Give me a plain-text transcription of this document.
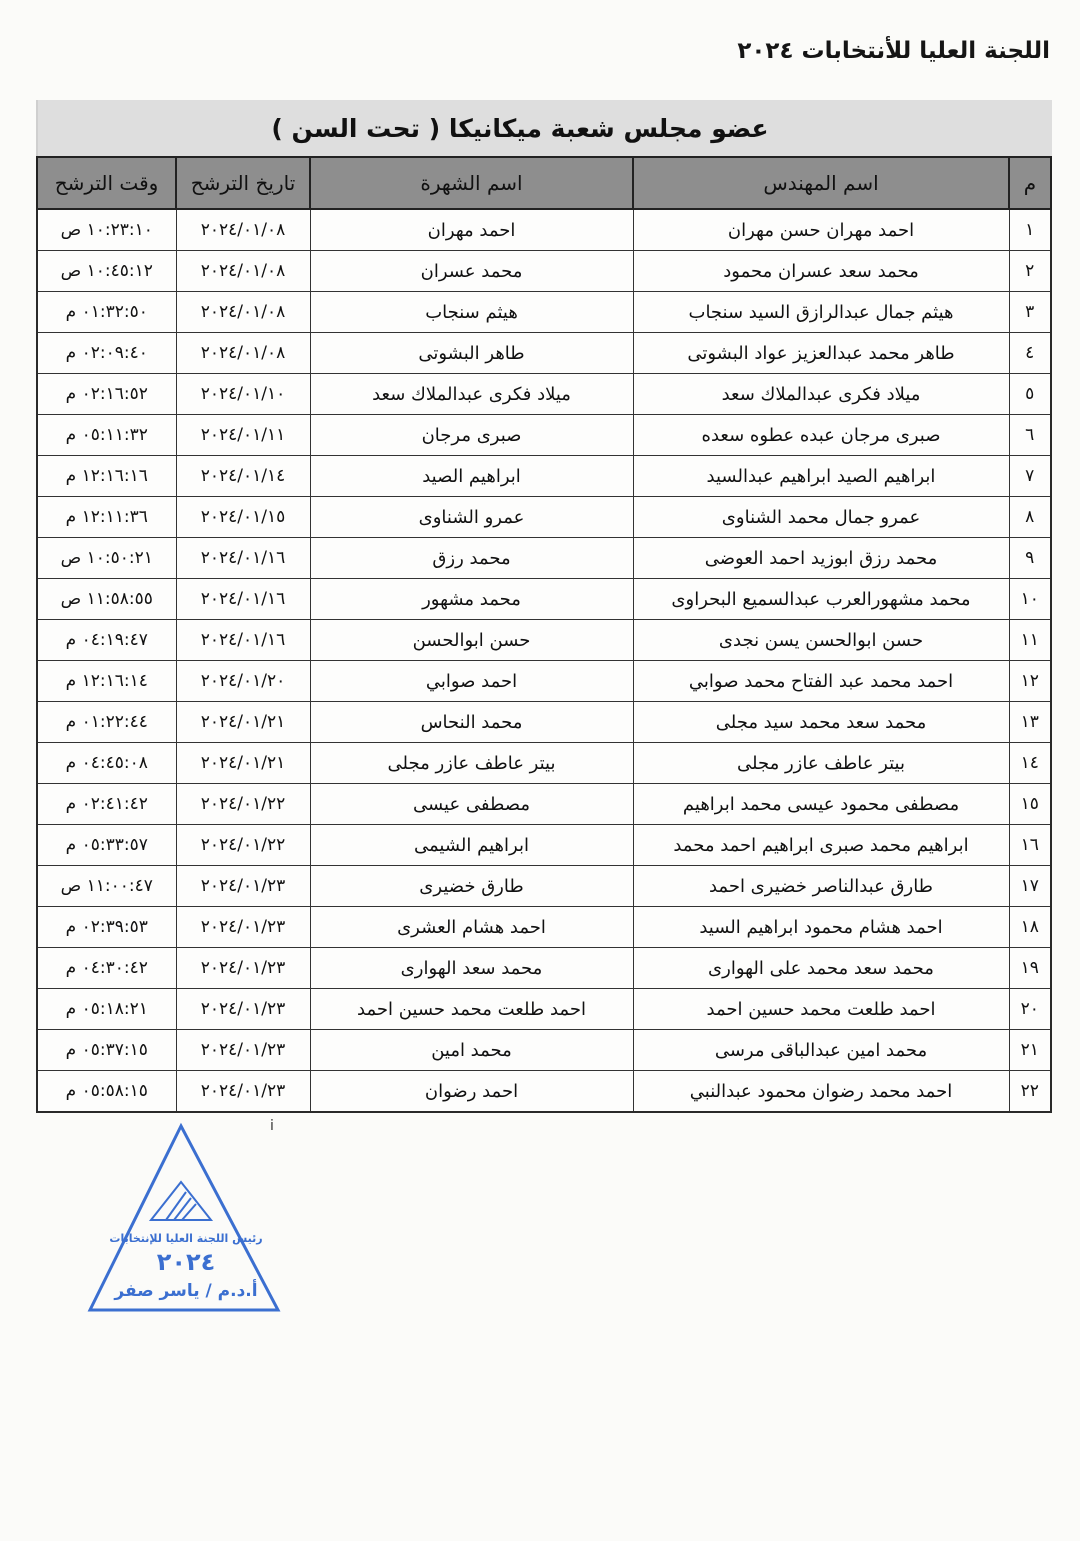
اللجنة العليا للأنتخابات ٢٠٢٤
عضو مجلس شعبة ميكانيكا ( تحت السن )
م	اسم المهندس	اسم الشهرة	تاريخ الترشح	وقت الترشح
١	احمد مهران حسن مهران	احمد مهران	٢٠٢٤/٠١/٠٨	١٠:٢٣:١٠ ص
٢	محمد سعد عسران محمود	محمد عسران	٢٠٢٤/٠١/٠٨	١٠:٤٥:١٢ ص
٣	هيثم جمال عبدالرازق السيد سنجاب	هيثم سنجاب	٢٠٢٤/٠١/٠٨	٠١:٣٢:٥٠ م
٤	طاهر محمد عبدالعزيز عواد البشوتى	طاهر البشوتى	٢٠٢٤/٠١/٠٨	٠٢:٠٩:٤٠ م
٥	ميلاد فكرى عبدالملاك سعد	ميلاد فكرى عبدالملاك سعد	٢٠٢٤/٠١/١٠	٠٢:١٦:٥٢ م
٦	صبرى مرجان عبده عطوه سعده	صبرى مرجان	٢٠٢٤/٠١/١١	٠٥:١١:٣٢ م
٧	ابراهيم الصيد ابراهيم عبدالسيد	ابراهيم الصيد	٢٠٢٤/٠١/١٤	١٢:١٦:١٦ م
٨	عمرو جمال محمد الشناوى	عمرو الشناوى	٢٠٢٤/٠١/١٥	١٢:١١:٣٦ م
٩	محمد رزق ابوزيد احمد العوضى	محمد رزق	٢٠٢٤/٠١/١٦	١٠:٥٠:٢١ ص
١٠	محمد مشهورالعرب عبدالسميع البحراوى	محمد مشهور	٢٠٢٤/٠١/١٦	١١:٥٨:٥٥ ص
١١	حسن ابوالحسن يسن نجدى	حسن ابوالحسن	٢٠٢٤/٠١/١٦	٠٤:١٩:٤٧ م
١٢	احمد محمد عبد الفتاح محمد صوابي	احمد صوابي	٢٠٢٤/٠١/٢٠	١٢:١٦:١٤ م
١٣	محمد سعد محمد سيد مجلى	محمد النحاس	٢٠٢٤/٠١/٢١	٠١:٢٢:٤٤ م
١٤	بيتر عاطف عازر مجلى	بيتر عاطف عازر مجلى	٢٠٢٤/٠١/٢١	٠٤:٤٥:٠٨ م
١٥	مصطفى محمود عيسى محمد ابراهيم	مصطفى عيسى	٢٠٢٤/٠١/٢٢	٠٢:٤١:٤٢ م
١٦	ابراهيم محمد صبرى ابراهيم احمد محمد	ابراهيم الشيمى	٢٠٢٤/٠١/٢٢	٠٥:٣٣:٥٧ م
١٧	طارق عبدالناصر خضيرى احمد	طارق خضيرى	٢٠٢٤/٠١/٢٣	١١:٠٠:٤٧ ص
١٨	احمد هشام محمود ابراهيم السيد	احمد هشام العشرى	٢٠٢٤/٠١/٢٣	٠٢:٣٩:٥٣ م
١٩	محمد سعد محمد على الهوارى	محمد سعد الهوارى	٢٠٢٤/٠١/٢٣	٠٤:٣٠:٤٢ م
٢٠	احمد طلعت محمد حسين احمد	احمد طلعت محمد حسين احمد	٢٠٢٤/٠١/٢٣	٠٥:١٨:٢١ م
٢١	محمد امين عبدالباقى مرسى	محمد امين	٢٠٢٤/٠١/٢٣	٠٥:٣٧:١٥ م
٢٢	احمد محمد رضوان محمود عبدالنبي	احمد رضوان	٢٠٢٤/٠١/٢٣	٠٥:٥٨:١٥ م
ⅰ
رئيس اللجنة العليا للإنتخابات
٢٠٢٤
أ.د.م / ياسر صفر
